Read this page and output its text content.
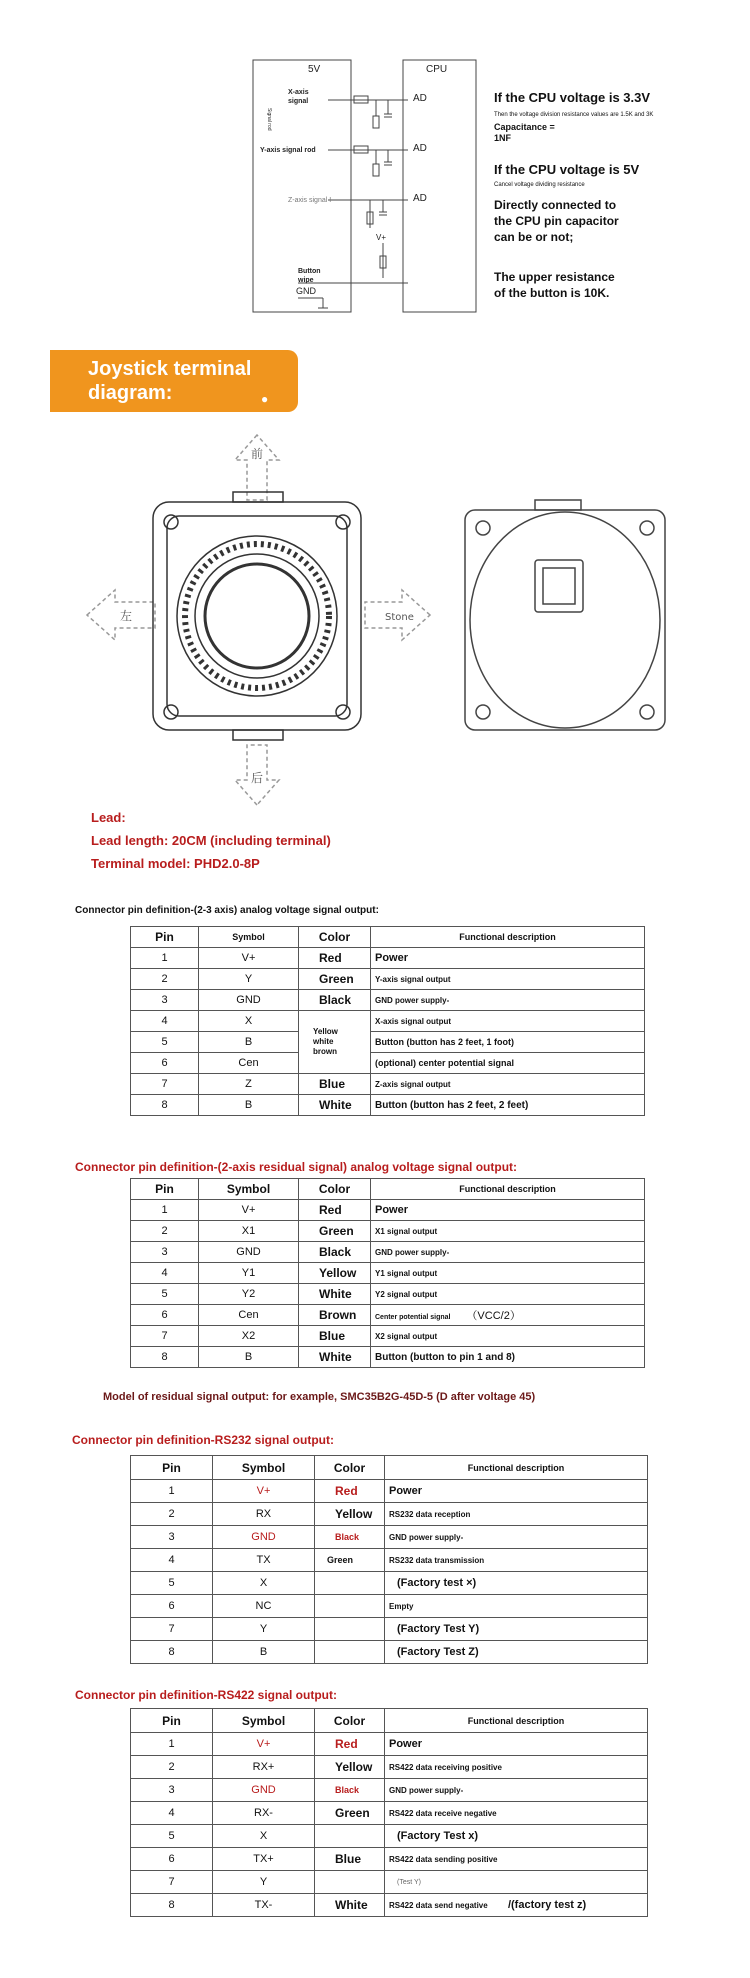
5V	CPU
X-axis
signal
Y-axis signal rod
Z-axis signal I
Signal rod
V+
Button
wipe
GND
AD
AD
AD
If the CPU voltage is 3.3V
Then the voltage division resistance values are 1.5K and 3K
Capacitance =
1NF
If the CPU voltage is 5V
Cancel voltage dividing resistance
Directly connected to
the CPU pin capacitor
can be or not;
The upper resistance
of the button is 10K.
Joystick terminal
diagram:	●
前
后
左	Stone
Lead:
Lead length: 20CM (including terminal)
Terminal model: PHD2.0-8P
Connector pin definition-(2-3 axis) analog voltage signal output:
Pin	Symbol	Color	Functional description
1	V+	Red	Power
2	Y	Green	Y-axis signal output
3	GND	Black	GND power supply-
4	X	Yellow
white
brown	X-axis signal output
5	B		Button (button has 2 feet, 1 foot)
6	Cen		(optional) center potential signal
7	Z	Blue	Z-axis signal output
8	B	White	Button (button has 2 feet, 2 feet)
Connector pin definition-(2-axis residual signal) analog voltage signal output:
Pin	Symbol	Color	Functional description
1	V+	Red	Power
2	X1	Green	X1 signal output
3	GND	Black	GND power supply-
4	Y1	Yellow	Y1 signal output
5	Y2	White	Y2 signal output
6	Cen	Brown	Center potential signal （VCC/2）
7	X2	Blue	X2 signal output
8	B	White	Button (button to pin 1 and 8)
Model of residual signal output: for example, SMC35B2G-45D-5 (D after voltage 45)
Connector pin definition-RS232 signal output:
Pin	Symbol	Color	Functional description
1	V+	Red	Power
2	RX	Yellow	RS232 data reception
3	GND	Black	GND power supply-
4	TX	Green	RS232 data transmission
5	X		(Factory test ×)
6	NC		Empty
7	Y		(Factory Test Y)
8	B		(Factory Test Z)
Connector pin definition-RS422 signal output:
Pin	Symbol	Color	Functional description
1	V+	Red	Power
2	RX+	Yellow	RS422 data receiving positive
3	GND	Black	GND power supply-
4	RX-	Green	RS422 data receive negative
5	X		(Factory Test x)
6	TX+	Blue	RS422 data sending positive
7	Y		(Test Y)
8	TX-	White	RS422 data send negative /(factory test z)
